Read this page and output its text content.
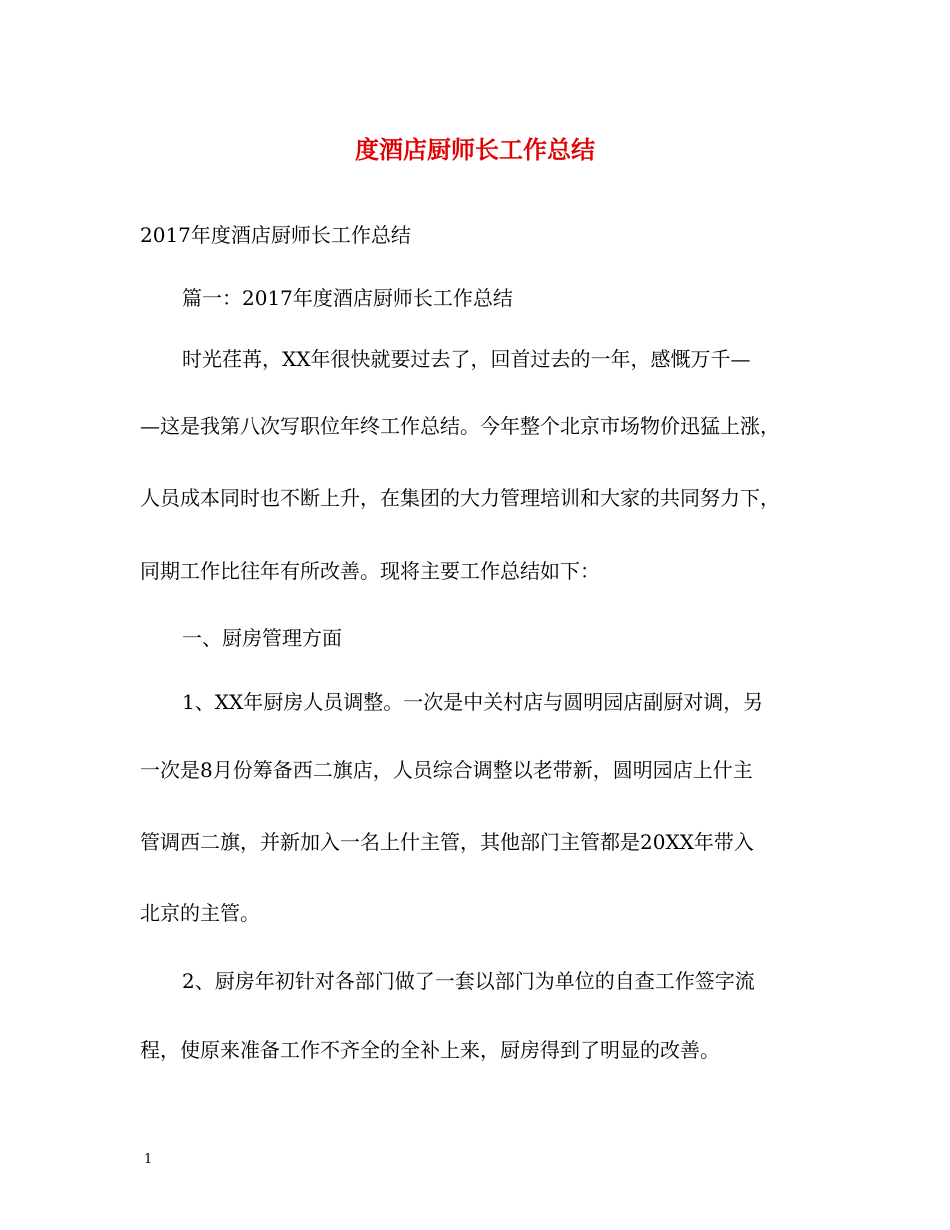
度酒店厨师长工作总结
2017年度酒店厨师长工作总结
篇一：2017年度酒店厨师长工作总结
时光荏苒，XX年很快就要过去了，回首过去的一年，感慨万千—
—这是我第八次写职位年终工作总结。今年整个北京市场物价迅猛上涨，
人员成本同时也不断上升，在集团的大力管理培训和大家的共同努力下，
同期工作比往年有所改善。现将主要工作总结如下：
一、厨房管理方面
1、XX年厨房人员调整。一次是中关村店与圆明园店副厨对调，另
一次是8月份筹备西二旗店，人员综合调整以老带新，圆明园店上什主
管调西二旗，并新加入一名上什主管，其他部门主管都是20XX年带入
北京的主管。
2、厨房年初针对各部门做了一套以部门为单位的自查工作签字流
程，使原来准备工作不齐全的全补上来，厨房得到了明显的改善。
1
